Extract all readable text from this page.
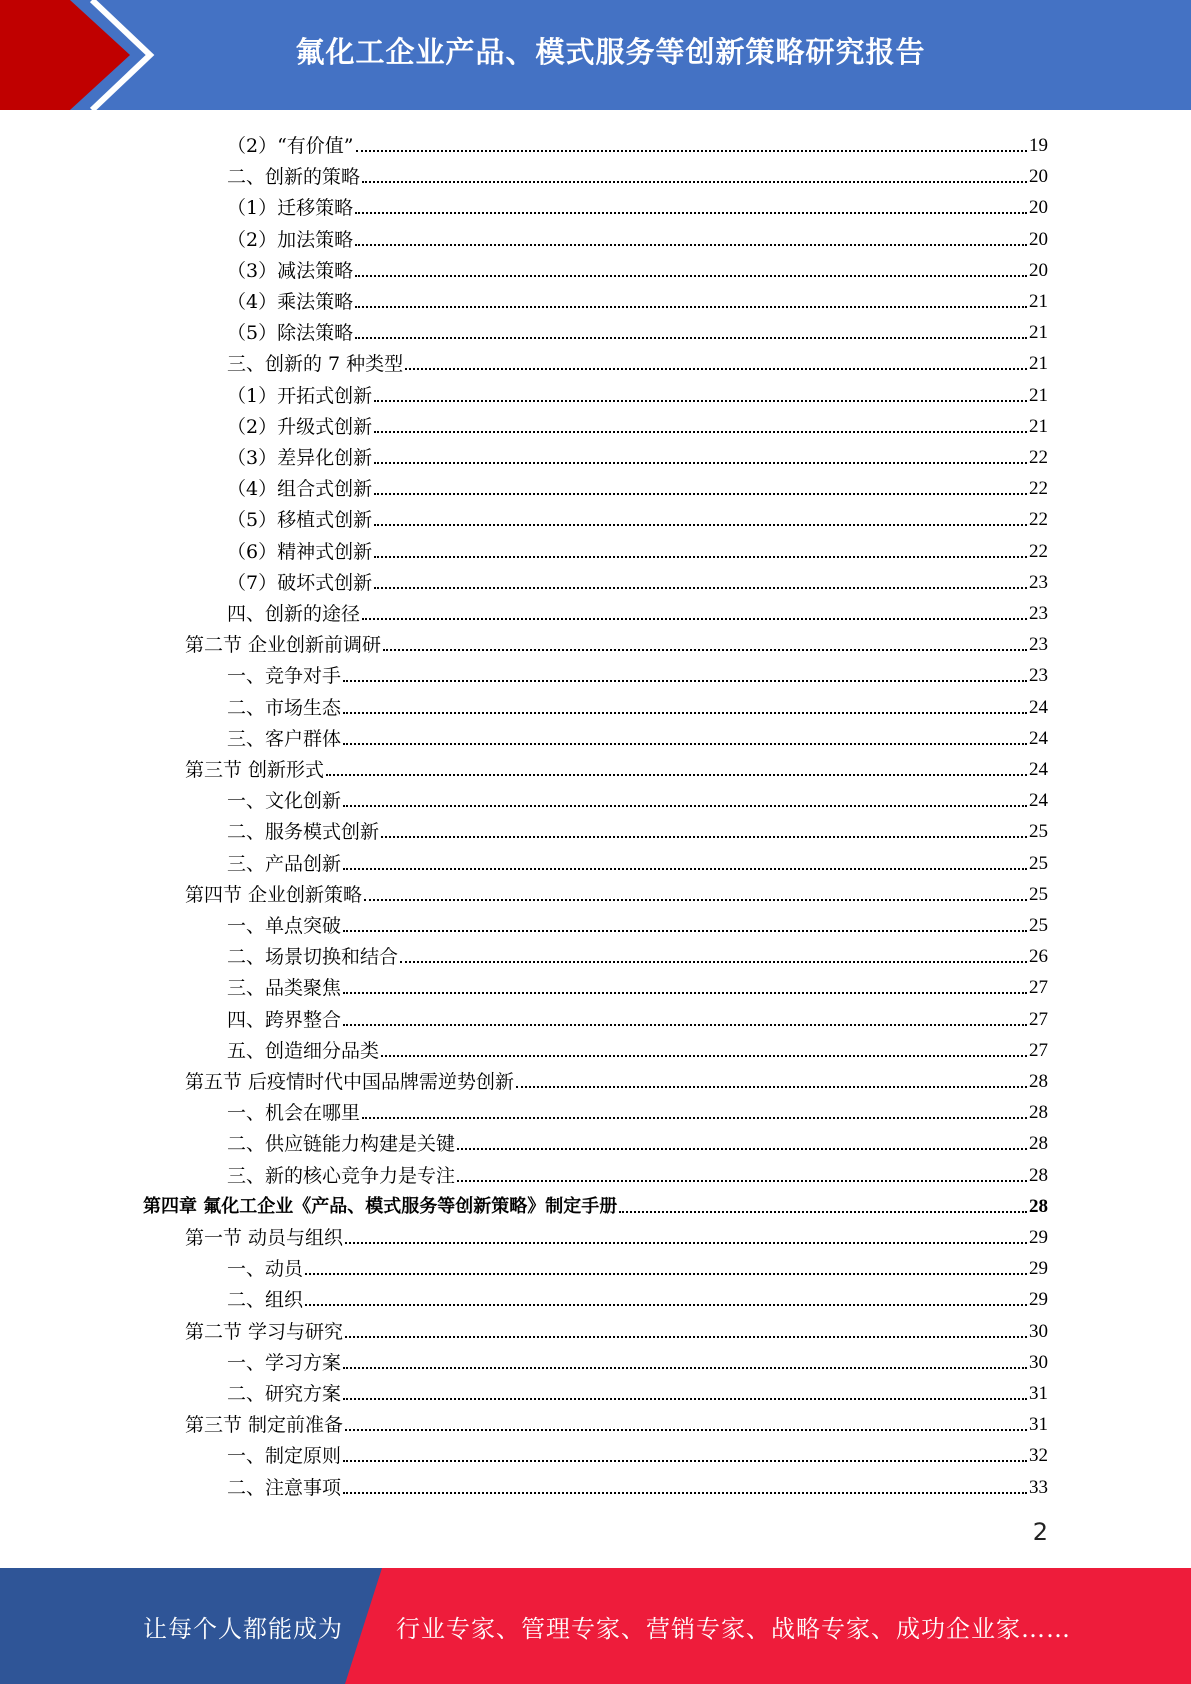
氟化工企业产品、模式服务等创新策略研究报告
（2）“有价值”	19
二、创新的策略	20
（1）迁移策略	20
（2）加法策略	20
（3）减法策略	20
（4）乘法策略	21
（5）除法策略	21
三、创新的 7 种类型	21
（1）开拓式创新	21
（2）升级式创新	21
（3）差异化创新	22
（4）组合式创新	22
（5）移植式创新	22
（6）精神式创新	22
（7）破坏式创新	23
四、创新的途径	23
第二节 企业创新前调研	23
一、竞争对手	23
二、市场生态	24
三、客户群体	24
第三节 创新形式	24
一、文化创新	24
二、服务模式创新	25
三、产品创新	25
第四节 企业创新策略	25
一、单点突破	25
二、场景切换和结合	26
三、品类聚焦	27
四、跨界整合	27
五、创造细分品类	27
第五节 后疫情时代中国品牌需逆势创新	28
一、机会在哪里	28
二、供应链能力构建是关键	28
三、新的核心竞争力是专注	28
第四章 氟化工企业《产品、模式服务等创新策略》制定手册	28
第一节 动员与组织	29
一、动员	29
二、组织	29
第二节 学习与研究	30
一、学习方案	30
二、研究方案	31
第三节 制定前准备	31
一、制定原则	32
二、注意事项	33
2
让每个人都能成为 行业专家、管理专家、营销专家、战略专家、成功企业家……
